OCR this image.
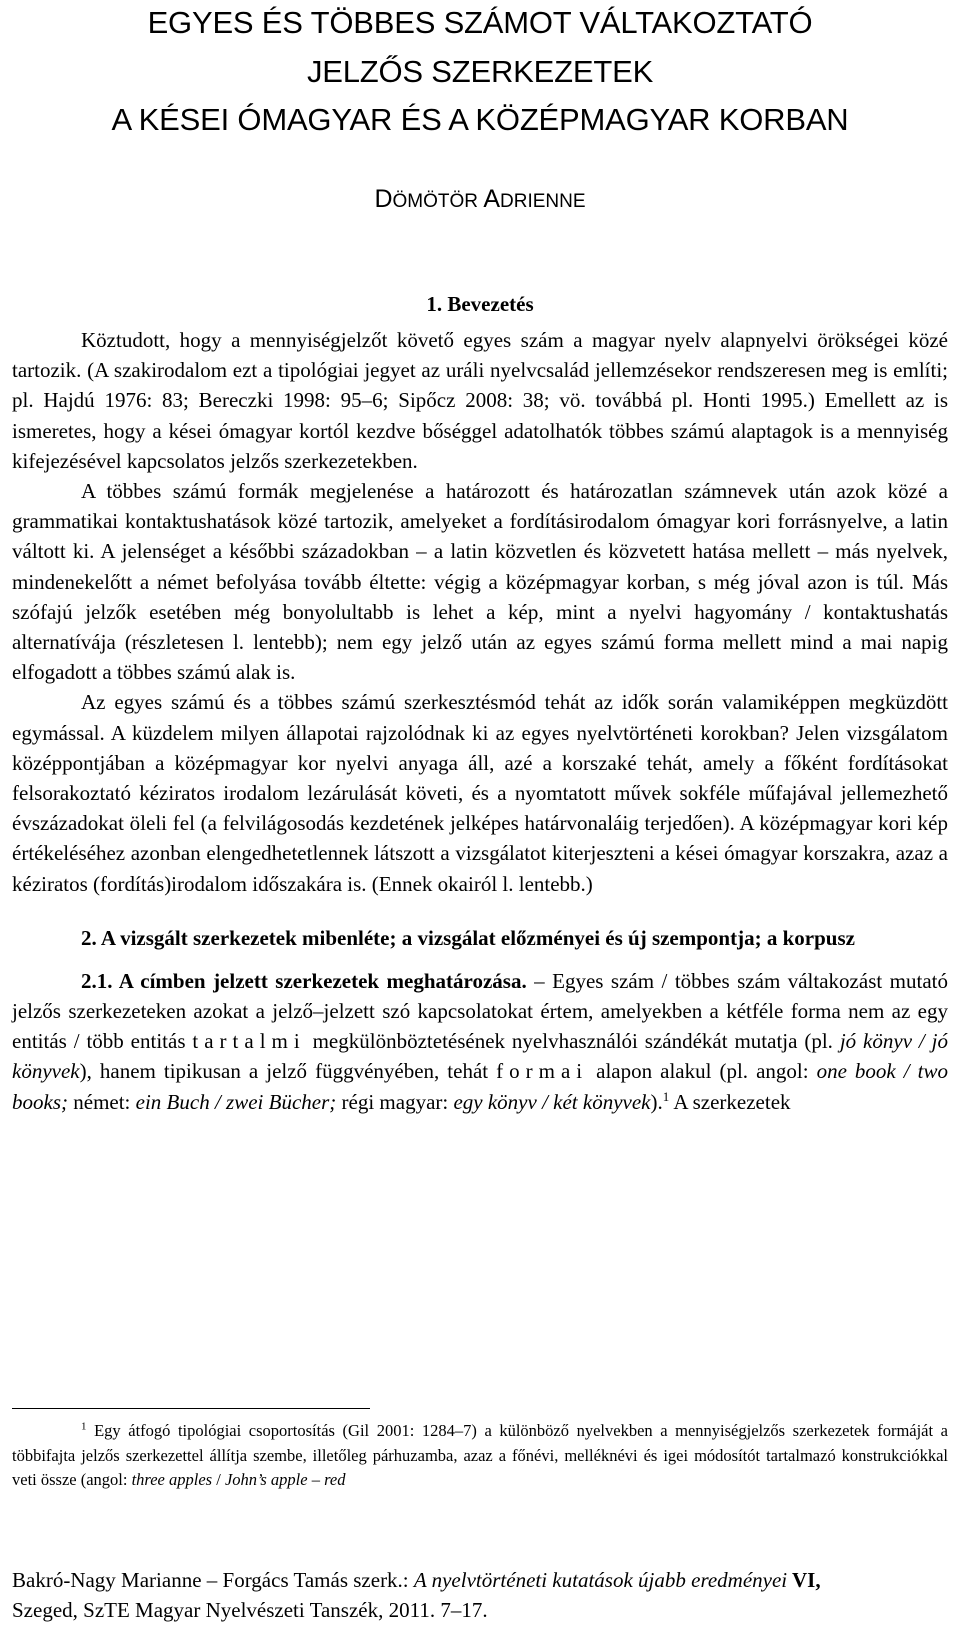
EGYES ÉS TÖBBES SZÁMOT VÁLTAKOZTATÓ
JELZŐS SZERKEZETEK
A KÉSEI ÓMAGYAR ÉS A KÖZÉPMAGYAR KORBAN
DÖMÖTÖR ADRIENNE
1. Bevezetés

Köztudott, hogy a mennyiségjelzőt követő egyes szám a magyar nyelv alapnyelvi örökségei közé tartozik. (A szakirodalom ezt a tipológiai jegyet az uráli nyelvcsalád jellemzésekor rendszeresen meg is említi; pl. Hajdú 1976: 83; Bereczki 1998: 95–6; Sipőcz 2008: 38; vö. továbbá pl. Honti 1995.) Emellett az is ismeretes, hogy a kései ómagyar kortól kezdve bőséggel adatolhatók többes számú alaptagok is a mennyiség kifejezésével kapcsolatos jelzős szerkezetekben.

A többes számú formák megjelenése a határozott és határozatlan számnevek után azok közé a grammatikai kontaktushatások közé tartozik, amelyeket a fordításirodalom ómagyar kori forrásnyelve, a latin váltott ki. A jelenséget a későbbi századokban – a latin közvetlen és közvetett hatása mellett – más nyelvek, mindenekelőtt a német befolyása tovább éltette: végig a középmagyar korban, s még jóval azon is túl. Más szófajú jelzők esetében még bonyolultabb is lehet a kép, mint a nyelvi hagyomány / kontaktushatás alternatívája (részletesen l. lentebb); nem egy jelző után az egyes számú forma mellett mind a mai napig elfogadott a többes számú alak is.

Az egyes számú és a többes számú szerkesztésmód tehát az idők során valamiképpen megküzdött egymással. A küzdelem milyen állapotai rajzolódnak ki az egyes nyelvtörténeti korokban? Jelen vizsgálatom középpontjában a középmagyar kor nyelvi anyaga áll, azé a korszaké tehát, amely a főként fordításokat felsorakoztató kéziratos irodalom lezárulását követi, és a nyomtatott művek sokféle műfajával jellemezhető évszázadokat öleli fel (a felvilágosodás kezdetének jelképes határvonaláig terjedően). A középmagyar kori kép értékeléséhez azonban elengedhetetlennek látszott a vizsgálatot kiterjeszteni a kései ómagyar korszakra, azaz a kéziratos (fordítás)irodalom időszakára is. (Ennek okairól l. lentebb.)

2. A vizsgált szerkezetek mibenléte; a vizsgálat előzményei és új szempontja; a korpusz

2.1. A címben jelzett szerkezetek meghatározása. – Egyes szám / többes szám váltakozást mutató jelzős szerkezeteken azokat a jelző–jelzett szó kapcsolatokat értem, amelyekben a kétféle forma nem az egy entitás / több entitás tartalmi megkülönböztetésének nyelvhasználói szándékát mutatja (pl. jó könyv / jó könyvek), hanem tipikusan a jelző függvényében, tehát formai alapon alakul (pl. angol: one book / two books; német: ein Buch / zwei Bücher; régi magyar: egy könyv / két könyvek).$^1$ A szerkezetek

$^1$ Egy átfogó tipológiai csoportosítás (Gil 2001: 1284–7) a különböző nyelvekben a mennyiségjelzős szerkezetek formáját a többifajta jelzős szerkezettel állítja szembe, illetőleg párhuzamba, azaz a főnévi, melléknévi és igei módosítót tartalmazó konstrukciókkal veti össze (angol: three apples / John’s apple – red
Bakró-Nagy Marianne – Forgács Tamás szerk.: A nyelvtörténeti kutatások újabb eredményei VI,
Szeged, SzTE Magyar Nyelvészeti Tanszék, 2011. 7–17.
